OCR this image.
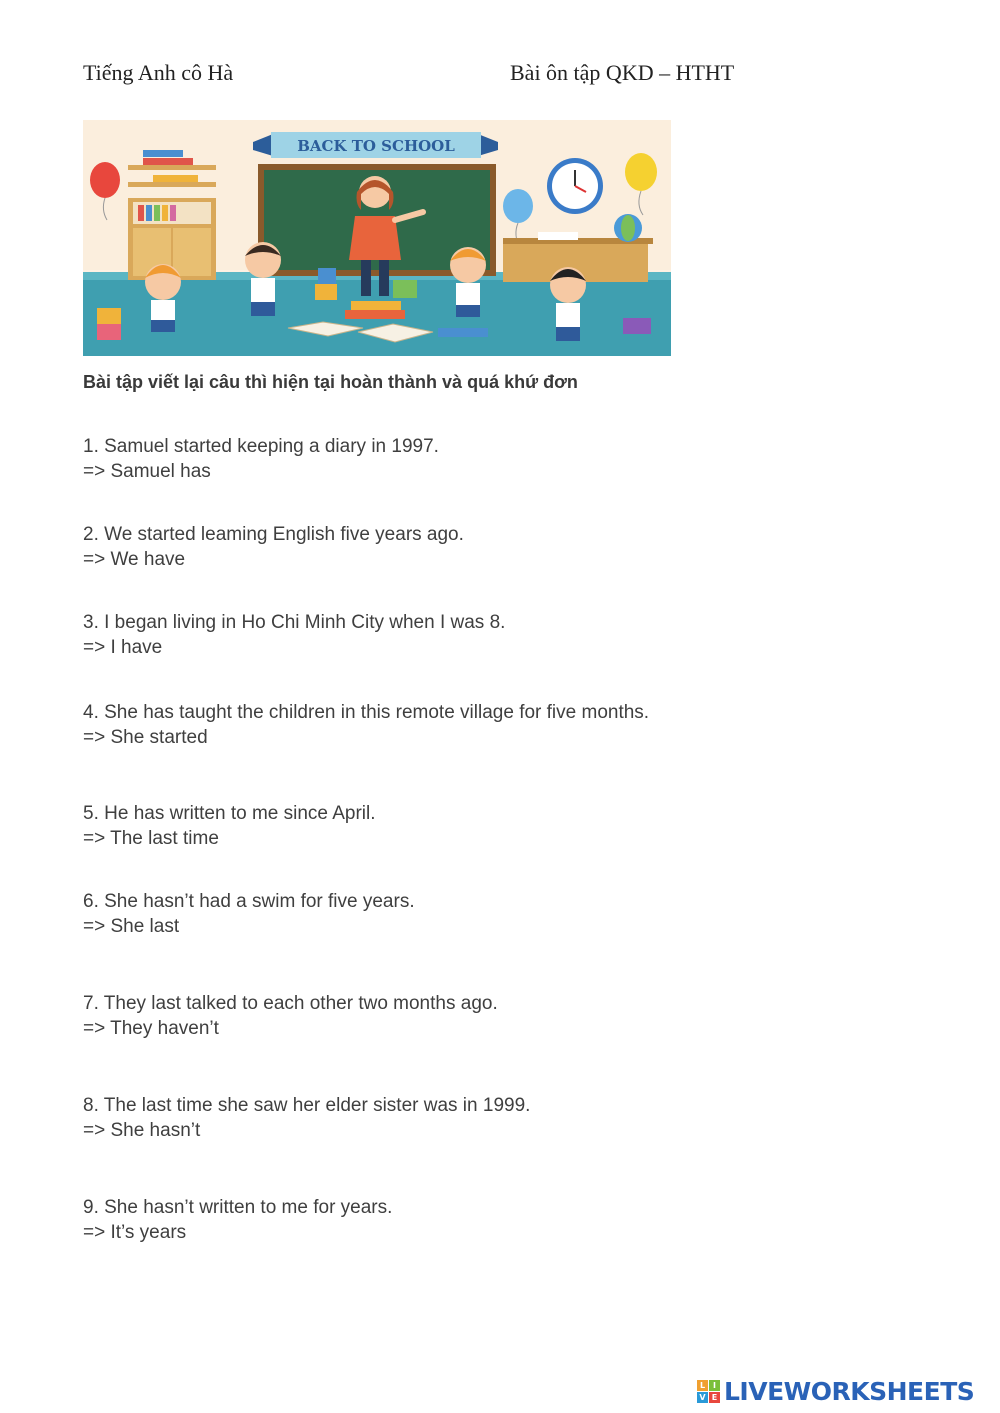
Tiếng Anh cô Hà	Bài ôn tập QKD – HTHT
BACK TO SCHOOL
Bài tập viết lại câu thì hiện tại hoàn thành và quá khứ đơn
1. Samuel started keeping a diary in 1997.
=> Samuel has
2. We started leaming English five years ago.
=> We have
3. I began living in Ho Chi Minh City when I was 8.
=> I have
4. She has taught the children in this remote village for five months.
=> She started
5. He has written to me since April.
=> The last time
6. She hasn’t had a swim for five years.
=> She last
7. They last talked to each other two months ago.
=> They haven’t
8. The last time she saw her elder sister was in 1999.
=> She hasn’t
9. She hasn’t written to me for years.
=> It’s years
L I
V E LIVEWORKSHEETS
